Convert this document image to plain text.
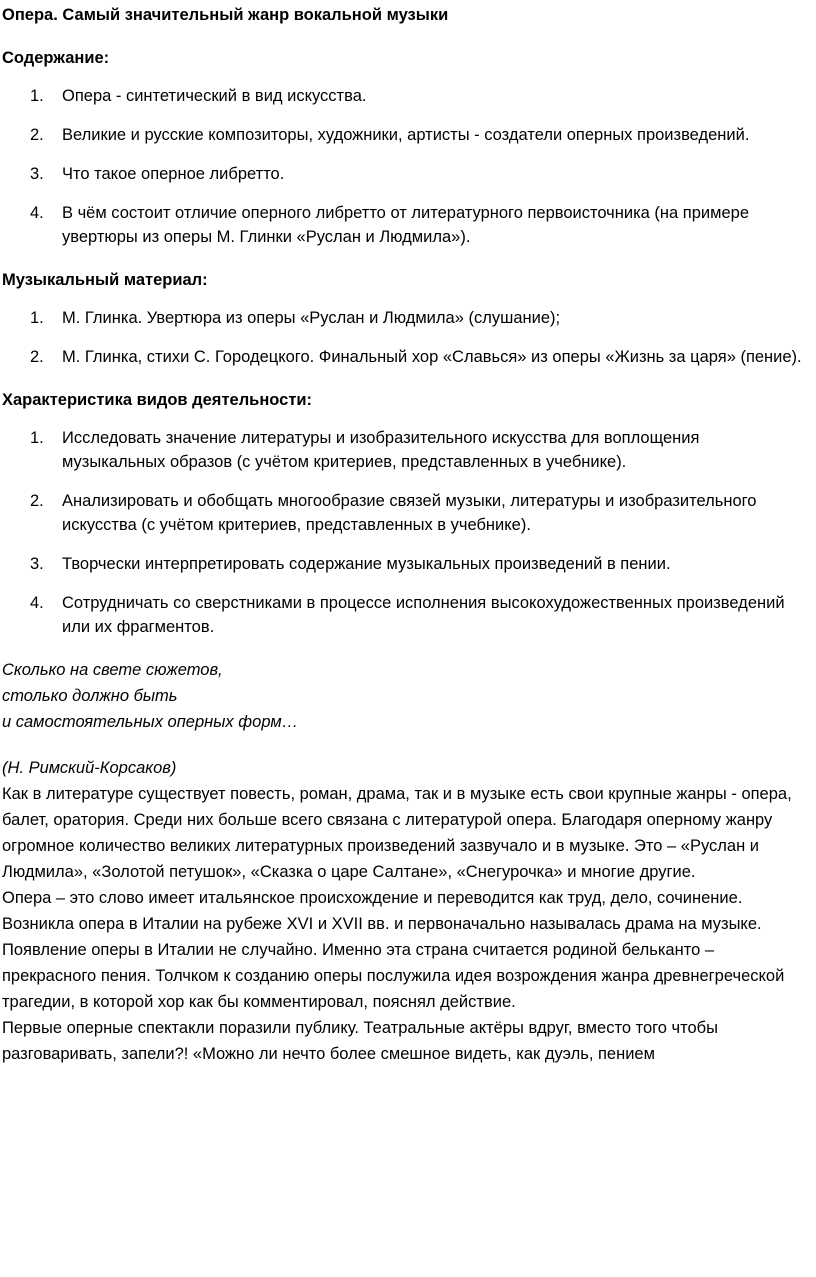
Опера. Самый значительный жанр вокальной музыки
Содержание:
1. Опера - синтетический в вид искусства.
2. Великие и русские композиторы, художники, артисты - создатели оперных произведений.
3. Что такое оперное либретто.
4. В чём состоит отличие оперного либретто от литературного первоисточника (на примере увертюры из оперы М. Глинки «Руслан и Людмила»).
Музыкальный материал:
1. М. Глинка. Увертюра из оперы «Руслан и Людмила» (слушание);
2. М. Глинка, стихи С. Городецкого. Финальный хор «Славься» из оперы «Жизнь за царя» (пение).
Характеристика видов деятельности:
1. Исследовать значение литературы и изобразительного искусства для воплощения музыкальных образов (с учётом критериев, представленных в учебнике).
2. Анализировать и обобщать многообразие связей музыки, литературы и изобразительного искусства (с учётом критериев, представленных в учебнике).
3. Творчески интерпретировать содержание музыкальных произведений в пении.
4. Сотрудничать со сверстниками в процессе исполнения высокохудожественных произведений или их фрагментов.
Сколько на свете сюжетов,
столько должно быть
и самостоятельных оперных форм…
(Н. Римский-Корсаков)

Как в литературе существует повесть, роман, драма, так и в музыке есть свои крупные жанры - опера, балет, оратория. Среди них больше всего связана с литературой опера. Благодаря оперному жанру огромное количество великих литературных произведений зазвучало и в музыке. Это – «Руслан и Людмила», «Золотой петушок», «Сказка о царе Салтане», «Снегурочка» и многие другие.

Опера – это слово имеет итальянское происхождение и переводится как труд, дело, сочинение. Возникла опера в Италии на рубеже XVI и XVII вв. и первоначально называлась драма на музыке. Появление оперы в Италии не случайно. Именно эта страна считается родиной бельканто – прекрасного пения. Толчком к созданию оперы послужила идея возрождения жанра древнегреческой трагедии, в которой хор как бы комментировал, пояснял действие.

Первые оперные спектакли поразили публику. Театральные актёры вдруг, вместо того чтобы разговаривать, запели?! «Можно ли нечто более смешное видеть, как дуэль, пением
